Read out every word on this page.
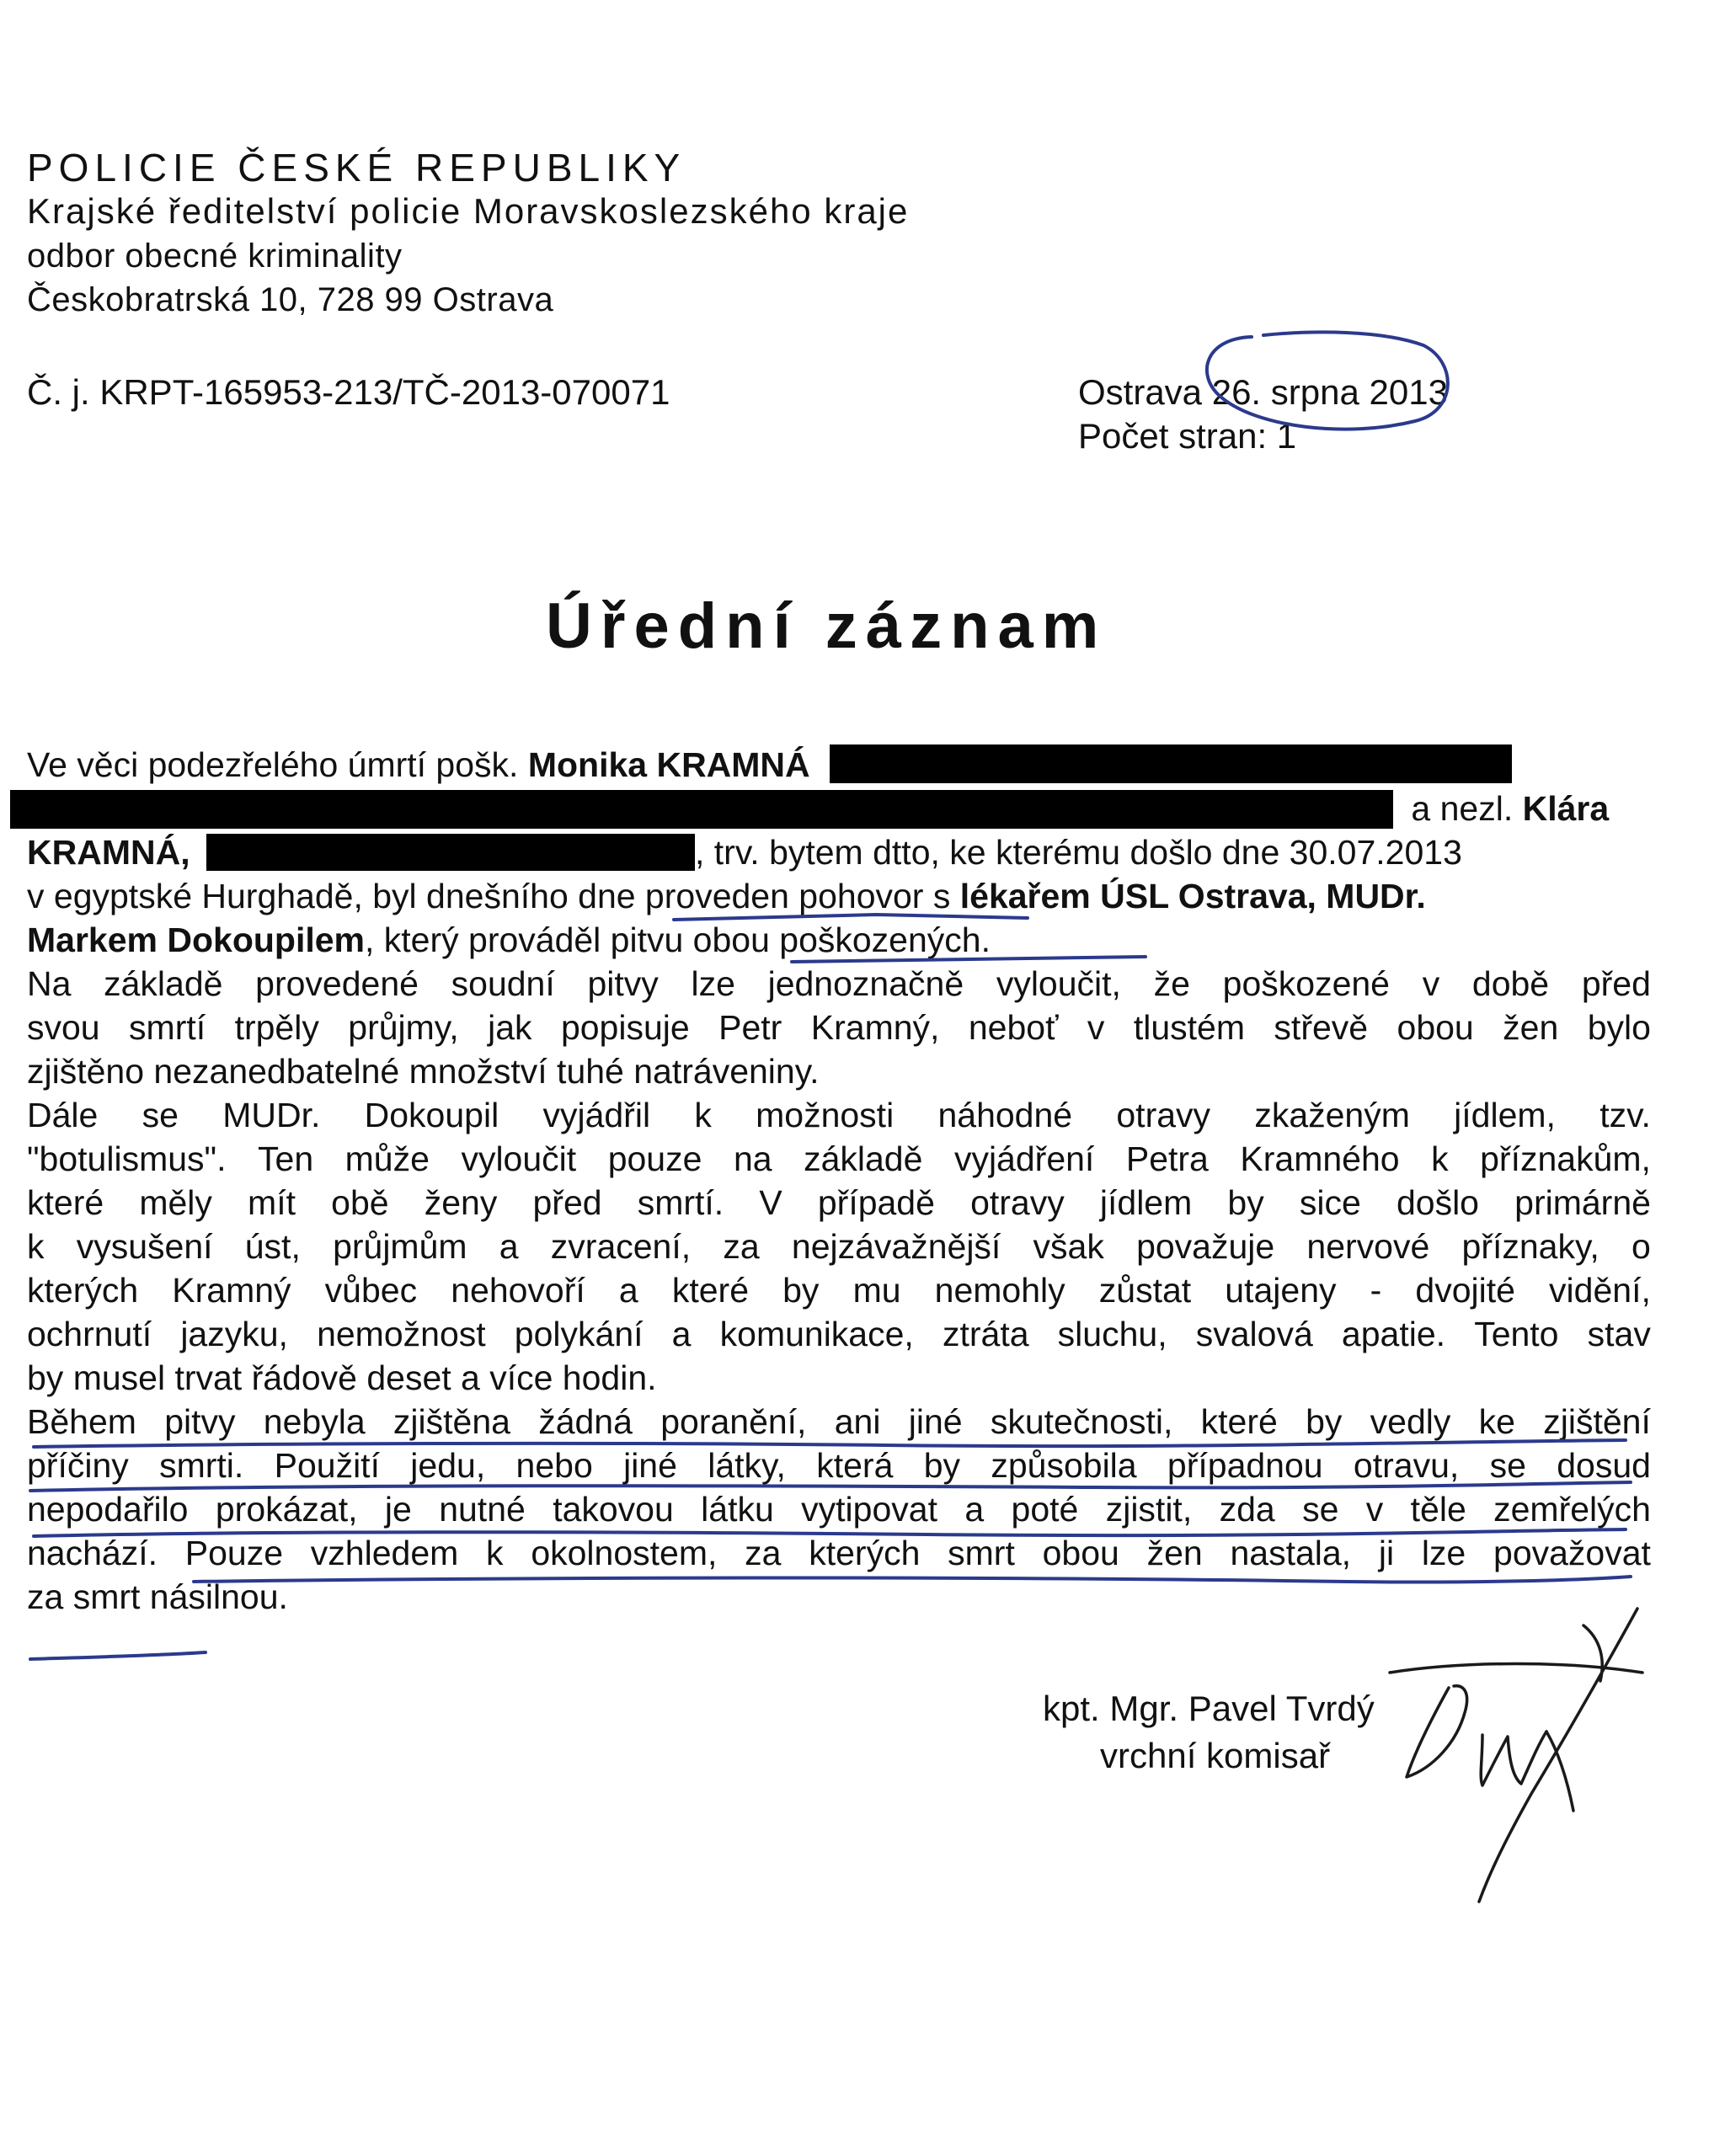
POLICIE ČESKÉ REPUBLIKY
Krajské ředitelství policie Moravskoslezského kraje
odbor obecné kriminality
Českobratrská 10, 728 99 Ostrava
Č. j. KRPT-165953-213/TČ-2013-070071	Ostrava 26. srpna 2013
Počet stran: 1
Úřední záznam
Ve věci podezřelého úmrtí pošk. Monika KRAMNÁ
a nezl. Klára
KRAMNÁ,	, trv. bytem dtto, ke kterému došlo dne 30.07.2013
v egyptské Hurghadě, byl dnešního dne proveden pohovor s lékařem ÚSL Ostrava, MUDr.
Markem Dokoupilem, který prováděl pitvu obou poškozených.
Na základě provedené soudní pitvy lze jednoznačně vyloučit, že poškozené v době před
svou smrtí trpěly průjmy, jak popisuje Petr Kramný, neboť v tlustém střevě obou žen bylo
zjištěno nezanedbatelné množství tuhé natráveniny.
Dále se MUDr. Dokoupil vyjádřil k možnosti náhodné otravy zkaženým jídlem, tzv.
"botulismus". Ten může vyloučit pouze na základě vyjádření Petra Kramného k příznakům,
které měly mít obě ženy před smrtí. V případě otravy jídlem by sice došlo primárně
k vysušení úst, průjmům a zvracení, za nejzávažnější však považuje nervové příznaky, o
kterých Kramný vůbec nehovoří a které by mu nemohly zůstat utajeny - dvojité vidění,
ochrnutí jazyku, nemožnost polykání a komunikace, ztráta sluchu, svalová apatie. Tento stav
by musel trvat řádově deset a více hodin.
Během pitvy nebyla zjištěna žádná poranění, ani jiné skutečnosti, které by vedly ke zjištění
příčiny smrti. Použití jedu, nebo jiné látky, která by způsobila případnou otravu, se dosud
nepodařilo prokázat, je nutné takovou látku vytipovat a poté zjistit, zda se v těle zemřelých
nachází. Pouze vzhledem k okolnostem, za kterých smrt obou žen nastala, ji lze považovat
za smrt násilnou.
kpt. Mgr. Pavel Tvrdý
vrchní komisař
